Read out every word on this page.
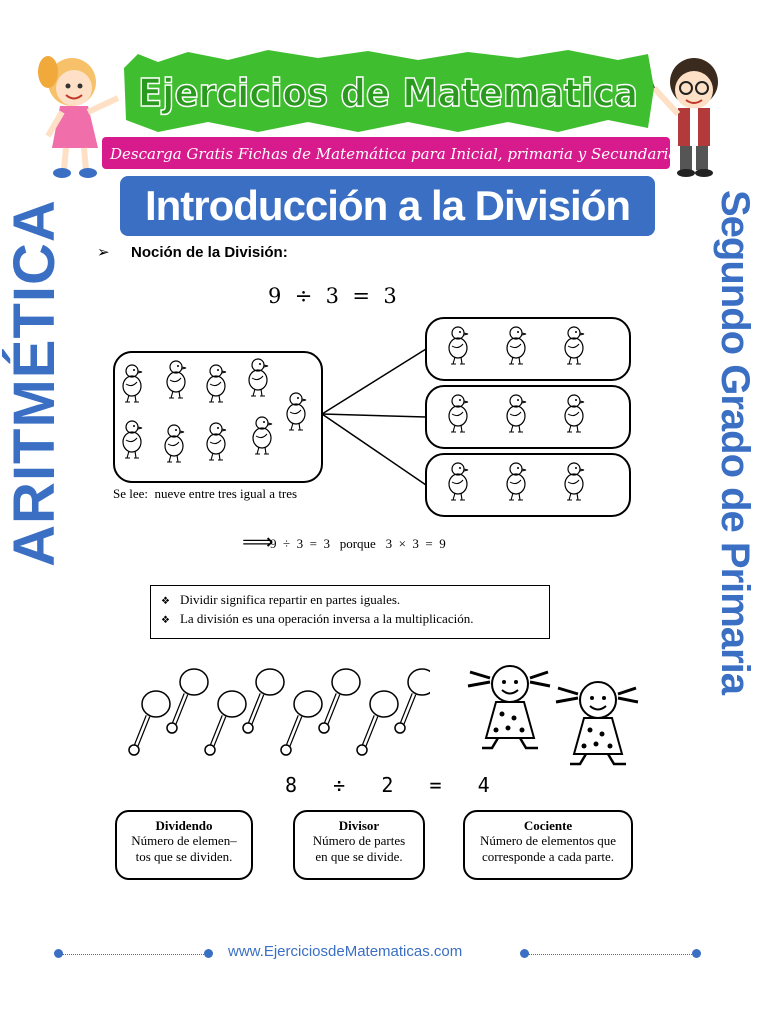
Ejercicios de Matematica
Descarga Gratis Fichas de Matemática para Inicial, primaria y Secundaria
Introducción a la División
ARITMÉTICA	Segundo Grado de Primaria
➢ Noción de la División:
9  ÷  3  =  3
Se lee:  nueve entre tres igual a tres
⟹
9  ÷  3  =  3   porque   3  ×  3  =  9
❖ Dividir significa repartir en partes iguales.
❖ La división es una operación inversa a la multiplicación.
8   ÷   2   =   4
Dividendo
Número de elemen–
tos que se dividen.
Divisor
Número de partes
en que se divide.
Cociente
Número de elementos que
corresponde a cada parte.
www.EjerciciosdeMatematicas.com
